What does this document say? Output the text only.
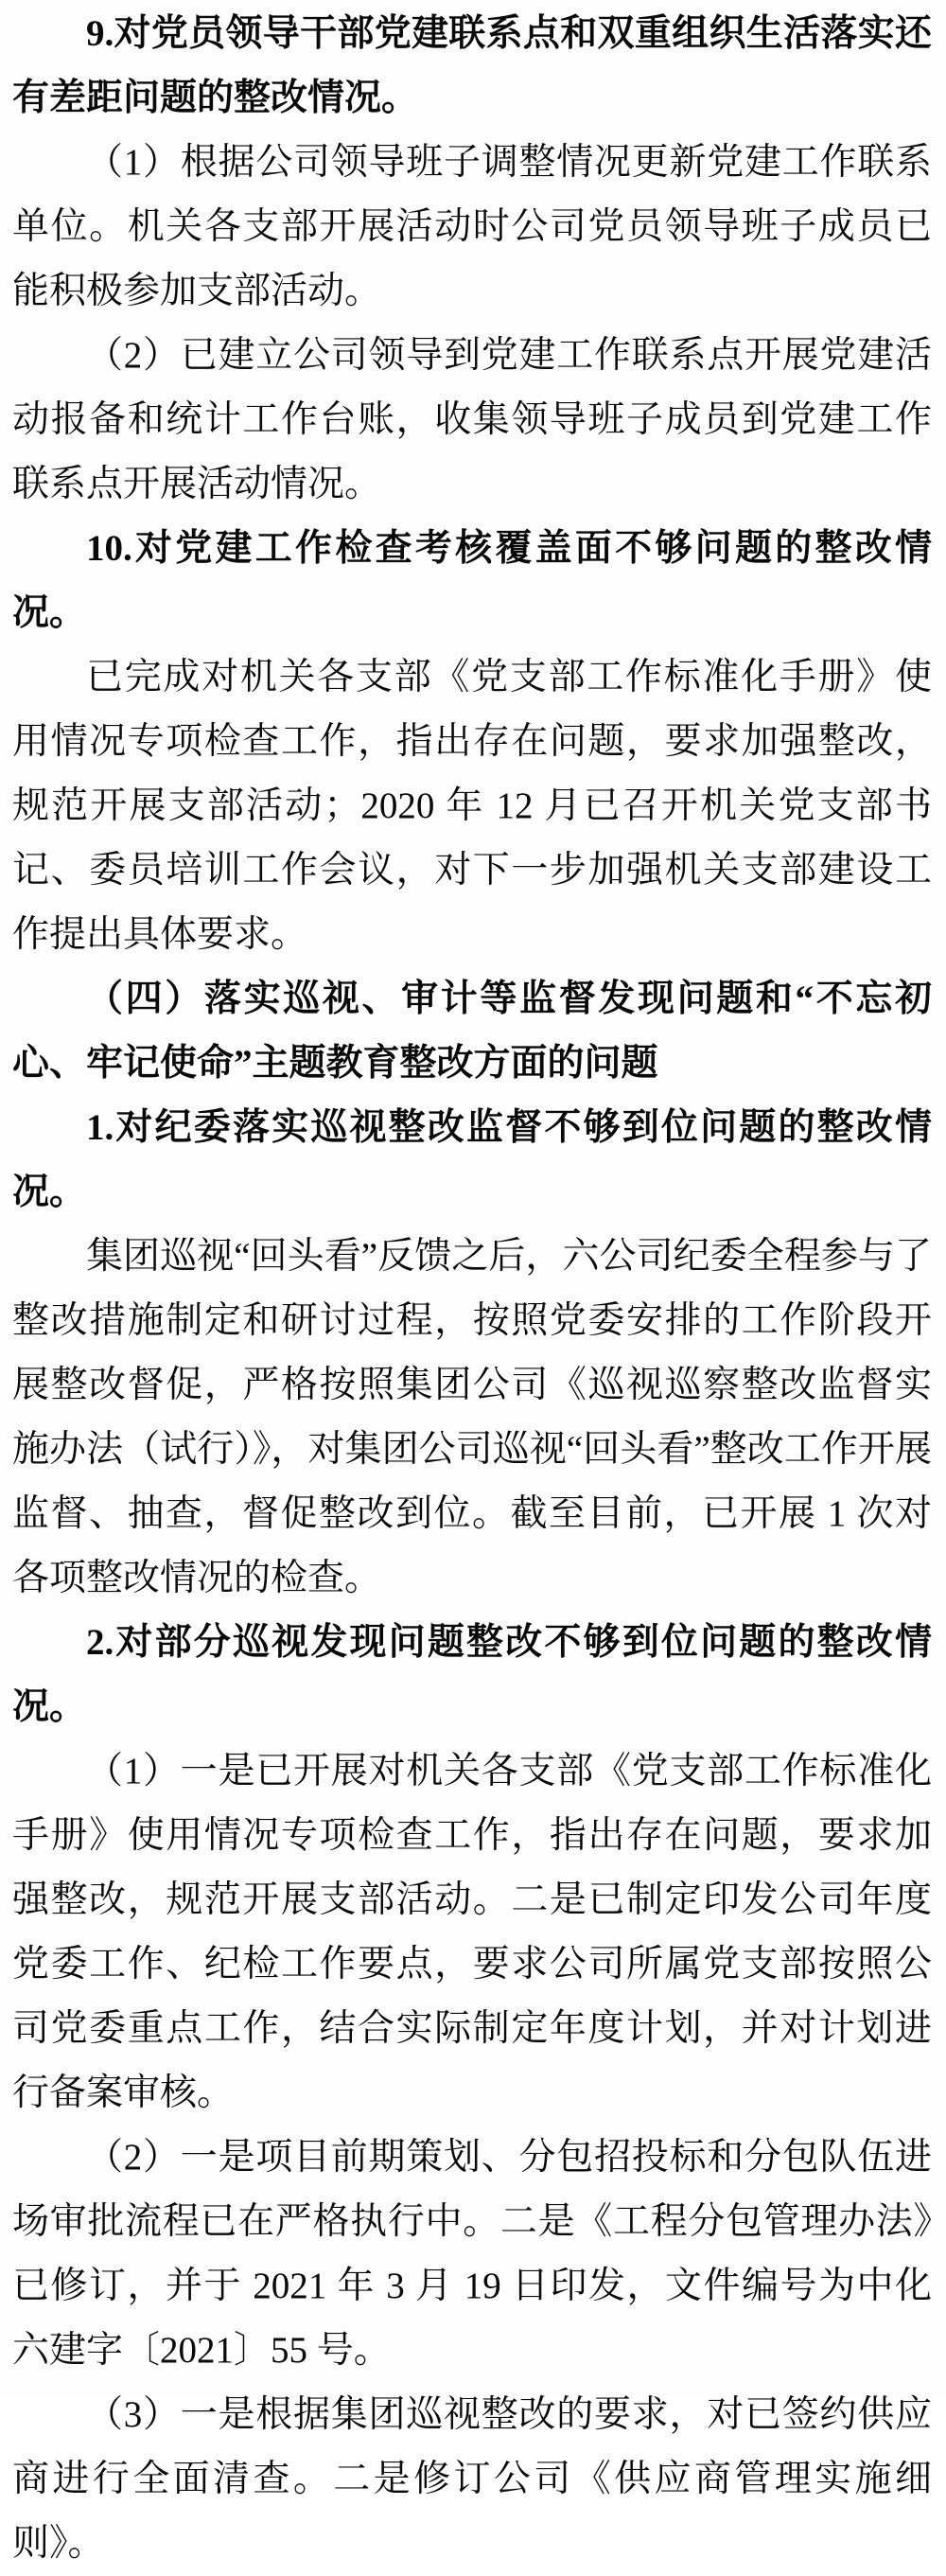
9.对党员领导干部党建联系点和双重组织生活落实还有差距问题的整改情况。

（1）根据公司领导班子调整情况更新党建工作联系单位。机关各支部开展活动时公司党员领导班子成员已能积极参加支部活动。

（2）已建立公司领导到党建工作联系点开展党建活动报备和统计工作台账，收集领导班子成员到党建工作联系点开展活动情况。

10.对党建工作检查考核覆盖面不够问题的整改情况。

已完成对机关各支部《党支部工作标准化手册》使用情况专项检查工作，指出存在问题，要求加强整改，规范开展支部活动；2020 年 12 月已召开机关党支部书记、委员培训工作会议，对下一步加强机关支部建设工作提出具体要求。

（四）落实巡视、审计等监督发现问题和“不忘初心、牢记使命”主题教育整改方面的问题

1.对纪委落实巡视整改监督不够到位问题的整改情况。

集团巡视“回头看”反馈之后，六公司纪委全程参与了整改措施制定和研讨过程，按照党委安排的工作阶段开展整改督促，严格按照集团公司《巡视巡察整改监督实施办法（试行）》，对集团公司巡视“回头看”整改工作开展监督、抽查，督促整改到位。截至目前，已开展 1 次对各项整改情况的检查。

2.对部分巡视发现问题整改不够到位问题的整改情况。

（1）一是已开展对机关各支部《党支部工作标准化手册》使用情况专项检查工作，指出存在问题，要求加强整改，规范开展支部活动。二是已制定印发公司年度党委工作、纪检工作要点，要求公司所属党支部按照公司党委重点工作，结合实际制定年度计划，并对计划进行备案审核。

（2）一是项目前期策划、分包招投标和分包队伍进场审批流程已在严格执行中。二是《工程分包管理办法》已修订，并于 2021 年 3 月 19 日印发，文件编号为中化六建字〔2021〕55 号。

（3）一是根据集团巡视整改的要求，对已签约供应商进行全面清查。二是修订公司《供应商管理实施细则》。
